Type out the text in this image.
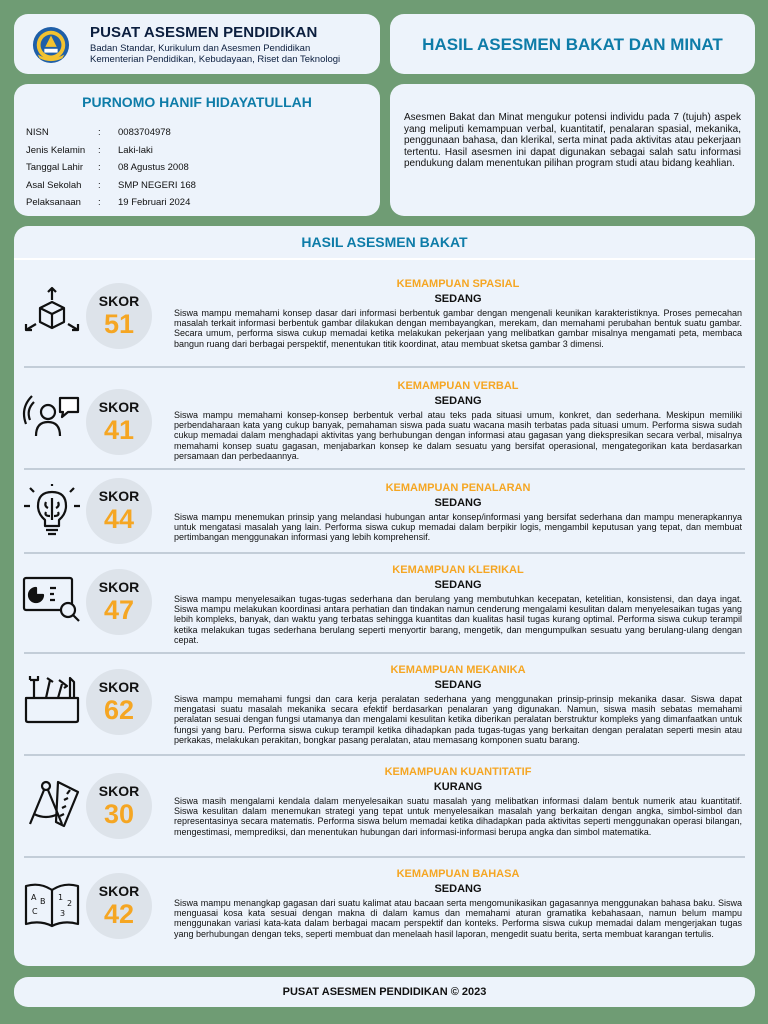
PUSAT ASESMEN PENDIDIKAN
Badan Standar, Kurikulum dan Asesmen Pendidikan
Kementerian Pendidikan, Kebudayaan, Riset dan Teknologi
HASIL ASESMEN BAKAT DAN MINAT
PURNOMO HANIF HIDAYATULLAH
NISN	:	0083704978
Jenis Kelamin	:	Laki-laki
Tanggal Lahir	:	08 Agustus 2008
Asal Sekolah	:	SMP NEGERI 168
Pelaksanaan	:	19 Februari 2024
Asesmen Bakat dan Minat mengukur potensi individu pada 7 (tujuh) aspek yang meliputi kemampuan verbal, kuantitatif, penalaran spasial, mekanika, penggunaan bahasa, dan klerikal, serta minat pada aktivitas atau pekerjaan tertentu. Hasil asesmen ini dapat digunakan sebagai salah satu informasi pendukung dalam menentukan pilihan program studi atau bidang keahlian.
HASIL ASESMEN BAKAT
SKOR
51
KEMAMPUAN SPASIAL
SEDANG
Siswa mampu memahami konsep dasar dari informasi berbentuk gambar dengan mengenali keunikan karakteristiknya. Proses pemecahan masalah terkait informasi berbentuk gambar dilakukan dengan membayangkan, merekam, dan memahami perubahan bentuk suatu gambar. Secara umum, performa siswa cukup memadai ketika melakukan pekerjaan yang melibatkan gambar misalnya mengamati peta, membaca bangun ruang dari berbagai perspektif, menentukan titik koordinat, atau membuat sketsa gambar 3 dimensi.
SKOR
41
KEMAMPUAN VERBAL
SEDANG
Siswa mampu memahami konsep-konsep berbentuk verbal atau teks pada situasi umum, konkret, dan sederhana. Meskipun memiliki perbendaharaan kata yang cukup banyak, pemahaman siswa pada suatu wacana masih terbatas pada situasi umum. Performa siswa sudah cukup memadai dalam menghadapi aktivitas yang berhubungan dengan informasi atau gagasan yang diekspresikan secara verbal, misalnya memahami konsep suatu gagasan, menjabarkan konsep ke dalam sesuatu yang bersifat operasional, mengategorikan kata berdasarkan persamaan dan perbedaannya.
SKOR
44
KEMAMPUAN PENALARAN
SEDANG
Siswa mampu menemukan prinsip yang melandasi hubungan antar konsep/informasi yang bersifat sederhana dan mampu menerapkannya untuk mengatasi masalah yang lain. Performa siswa cukup memadai dalam berpikir logis, mengambil keputusan yang tepat, dan membuat pertimbangan menggunakan informasi yang lebih komprehensif.
SKOR
47
KEMAMPUAN KLERIKAL
SEDANG
Siswa mampu menyelesaikan tugas-tugas sederhana dan berulang yang membutuhkan kecepatan, ketelitian, konsistensi, dan daya ingat. Siswa mampu melakukan koordinasi antara perhatian dan tindakan namun cenderung mengalami kesulitan dalam menyelesaikan tugas yang lebih kompleks, banyak, dan waktu yang terbatas sehingga kuantitas dan kualitas hasil tugas kurang optimal. Performa siswa cukup terampil ketika melakukan tugas sederhana berulang seperti menyortir barang, mengetik, dan mengumpulkan sesuatu yang berulang-ulang dengan cepat.
SKOR
62
KEMAMPUAN MEKANIKA
SEDANG
Siswa mampu memahami fungsi dan cara kerja peralatan sederhana yang menggunakan prinsip-prinsip mekanika dasar. Siswa dapat mengatasi suatu masalah mekanika secara efektif berdasarkan penalaran yang digunakan. Namun, siswa masih sebatas memahami peralatan sesuai dengan fungsi utamanya dan mengalami kesulitan ketika diberikan peralatan berstruktur kompleks yang dimanfaatkan untuk fungsi yang baru. Performa siswa cukup terampil ketika dihadapkan pada tugas-tugas yang berkaitan dengan peralatan seperti mesin atau perkakas, melakukan perakitan, bongkar pasang peralatan, atau memasang komponen suatu barang.
SKOR
30
KEMAMPUAN KUANTITATIF
KURANG
Siswa masih mengalami kendala dalam menyelesaikan suatu masalah yang melibatkan informasi dalam bentuk numerik atau kuantitatif. Siswa kesulitan dalam menemukan strategi yang tepat untuk menyelesaikan masalah yang berkaitan dengan angka, simbol-simbol dan representasinya secara matematis. Performa siswa belum memadai ketika dihadapkan pada aktivitas seperti menggunakan operasi bilangan, mengestimasi, memprediksi, dan menentukan hubungan dari informasi-informasi berupa angka dan simbol matematika.
A B
C
1
2
3
SKOR
42
KEMAMPUAN BAHASA
SEDANG
Siswa mampu menangkap gagasan dari suatu kalimat atau bacaan serta mengomunikasikan gagasannya menggunakan bahasa baku. Siswa menguasai kosa kata sesuai dengan makna di dalam kamus dan memahami aturan gramatika kebahasaan, namun belum mampu menggunakan variasi kata-kata dalam berbagai macam perspektif dan konteks. Performa siswa cukup memadai dalam mengerjakan tugas yang berhubungan dengan teks, seperti membuat dan menelaah hasil laporan, mengedit suatu berita, serta membuat karangan tertulis.
PUSAT ASESMEN PENDIDIKAN © 2023
